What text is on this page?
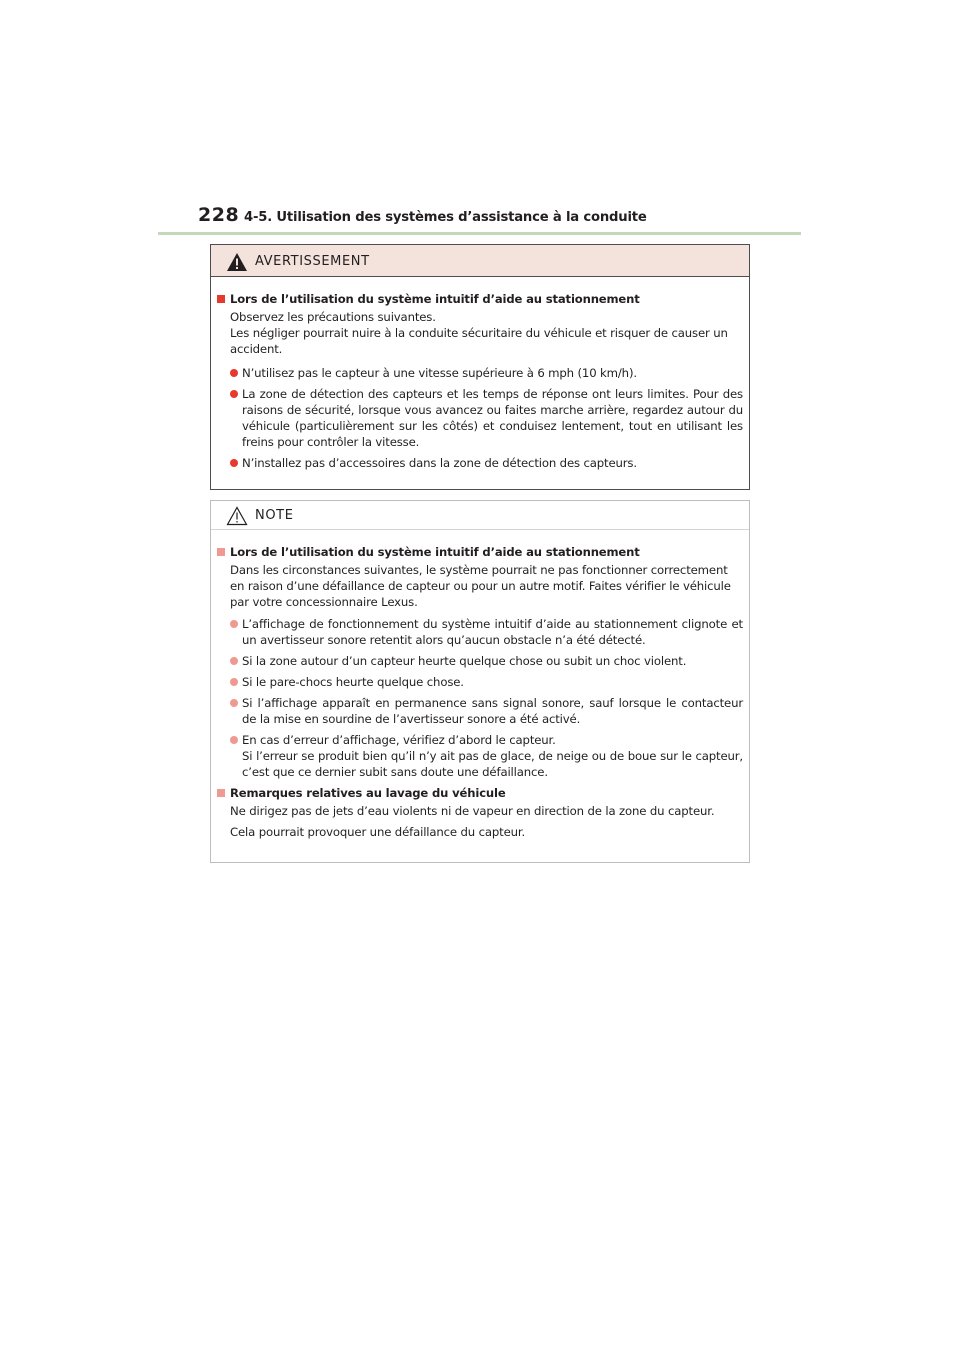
228 4-5. Utilisation des systèmes d’assistance à la conduite
AVERTISSEMENT
Lors de l’utilisation du système intuitif d’aide au stationnement
Observez les précautions suivantes.
Les négliger pourrait nuire à la conduite sécuritaire du véhicule et risquer de causer un accident.
N’utilisez pas le capteur à une vitesse supérieure à 6 mph (10 km/h).
La zone de détection des capteurs et les temps de réponse ont leurs limites. Pour des raisons de sécurité, lorsque vous avancez ou faites marche arrière, regardez autour du véhicule (particulièrement sur les côtés) et conduisez lentement, tout en utilisant les freins pour contrôler la vitesse.
N’installez pas d’accessoires dans la zone de détection des capteurs.
NOTE
Lors de l’utilisation du système intuitif d’aide au stationnement
Dans les circonstances suivantes, le système pourrait ne pas fonctionner correctement en raison d’une défaillance de capteur ou pour un autre motif. Faites vérifier le véhicule par votre concessionnaire Lexus.
L’affichage de fonctionnement du système intuitif d’aide au stationnement clignote et un avertisseur sonore retentit alors qu’aucun obstacle n’a été détecté.
Si la zone autour d’un capteur heurte quelque chose ou subit un choc violent.
Si le pare-chocs heurte quelque chose.
Si l’affichage apparaît en permanence sans signal sonore, sauf lorsque le contacteur de la mise en sourdine de l’avertisseur sonore a été activé.
En cas d’erreur d’affichage, vérifiez d’abord le capteur.
Si l’erreur se produit bien qu’il n’y ait pas de glace, de neige ou de boue sur le capteur, c’est que ce dernier subit sans doute une défaillance.
Remarques relatives au lavage du véhicule
Ne dirigez pas de jets d’eau violents ni de vapeur en direction de la zone du capteur.
Cela pourrait provoquer une défaillance du capteur.
